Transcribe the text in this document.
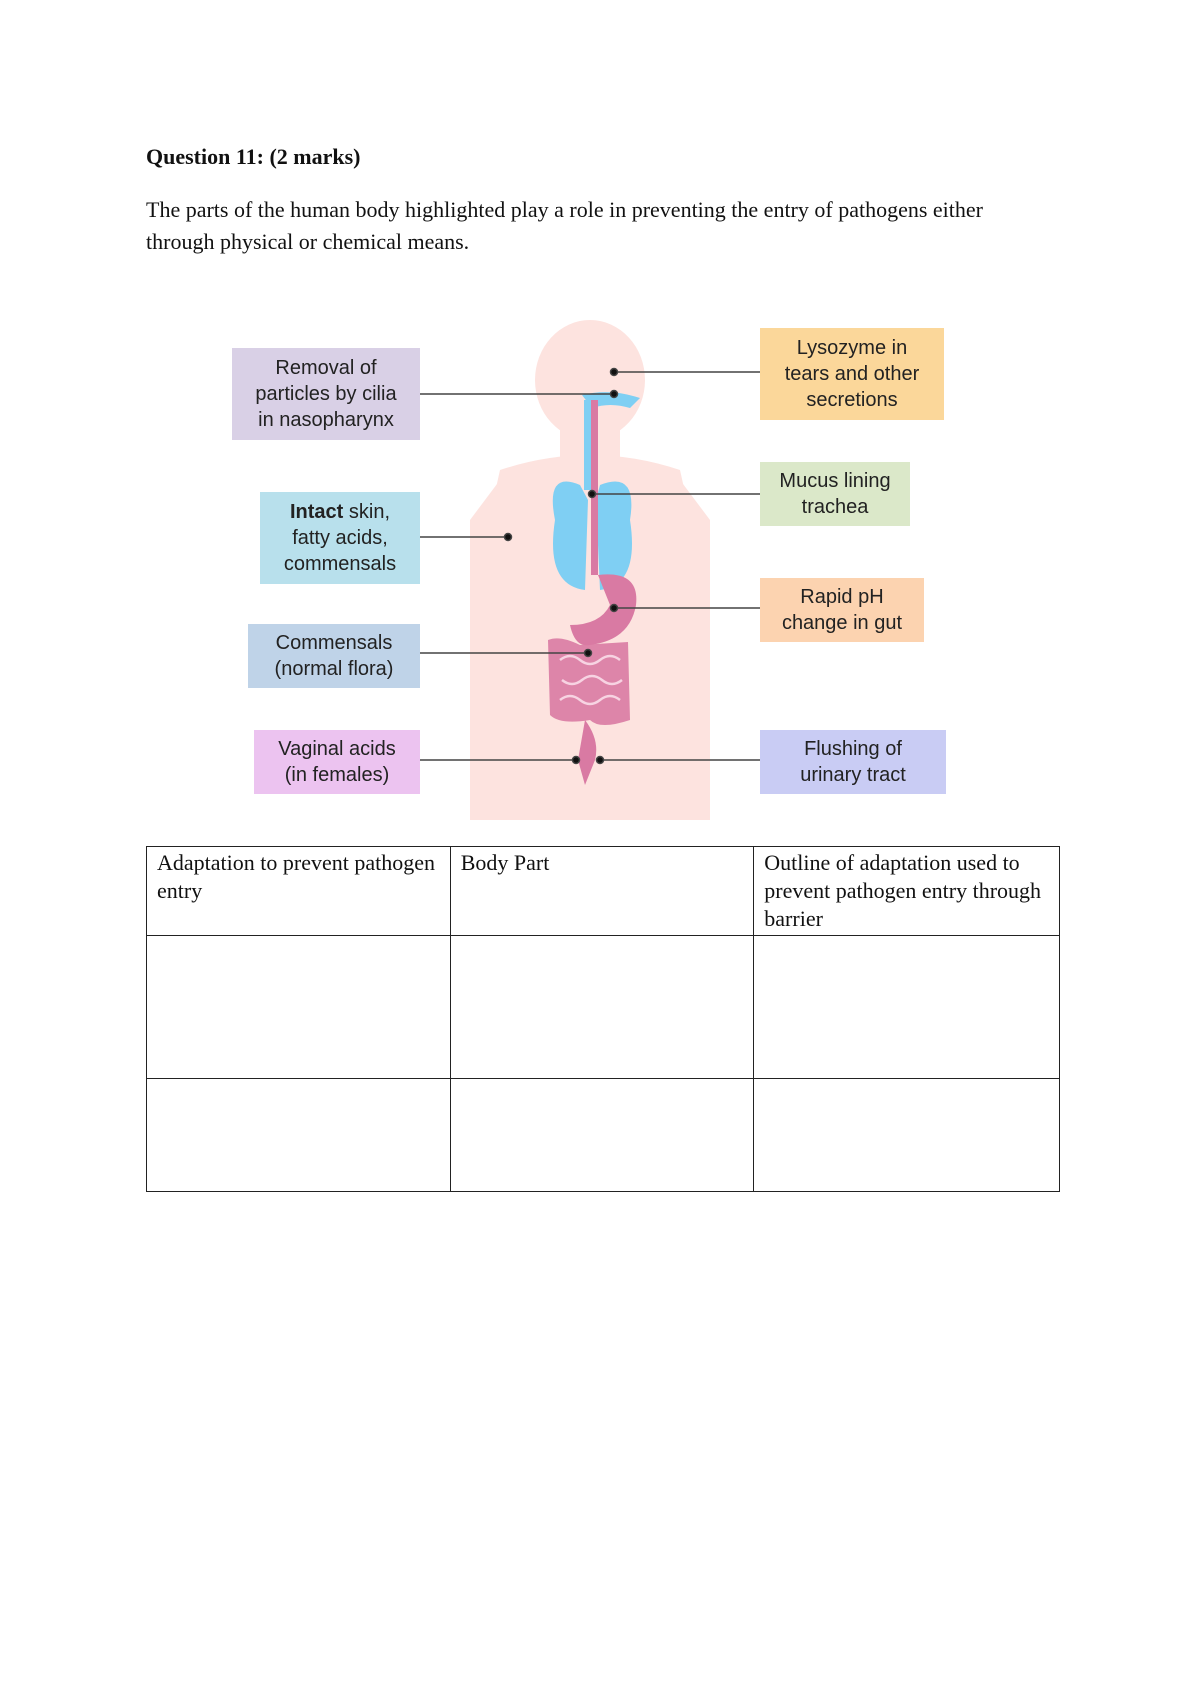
Question 11: (2 marks)

The parts of the human body highlighted play a role in preventing the entry of pathogens either through physical or chemical means.

Removal of
particles by cilia
in nasopharynx
Intact skin,
fatty acids,
commensals
Commensals
(normal flora)
Vaginal acids
(in females)
Lysozyme in
tears and other
secretions
Mucus lining
trachea
Rapid pH
change in gut
Flushing of
urinary tract
Adaptation to prevent pathogen entry	Body Part	Outline of adaptation used to prevent pathogen entry through barrier
